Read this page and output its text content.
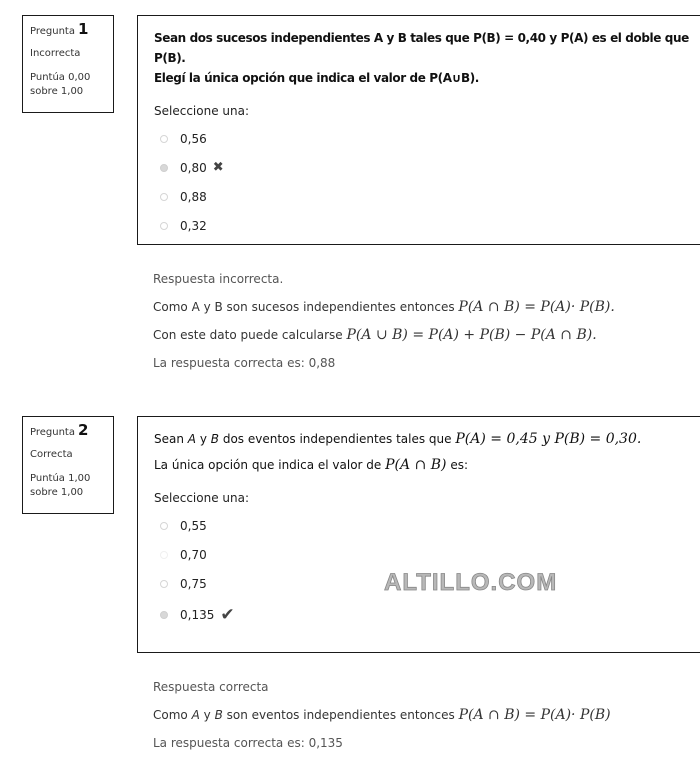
Pregunta 1
Incorrecta
Puntúa 0,00
sobre 1,00
Sean dos sucesos independientes A y B tales que P(B) = 0,40 y P(A) es el doble que P(B).
Elegí la única opción que indica el valor de P(A∪B).
Seleccione una:
0,56
0,80 ✖
0,88
0,32
Respuesta incorrecta.
Como A y B son sucesos independientes entonces
P(A ∩ B) = P(A)· P(B).
Con este dato puede calcularse
P(A ∪ B) = P(A) + P(B) − P(A ∩ B).
La respuesta correcta es: 0,88
Pregunta 2
Correcta
Puntúa 1,00
sobre 1,00
Sean A y B dos eventos independientes tales que P(A) = 0,45 y P(B) = 0,30.
La única opción que indica el valor de P(A ∩ B) es:
Seleccione una:
0,55
0,70
0,75
0,135 ✔
ALTILLO.COM
Respuesta correcta
Como
A
y
B
son eventos independientes entonces
P(A ∩ B) = P(A)· P(B)
La respuesta correcta es: 0,135
